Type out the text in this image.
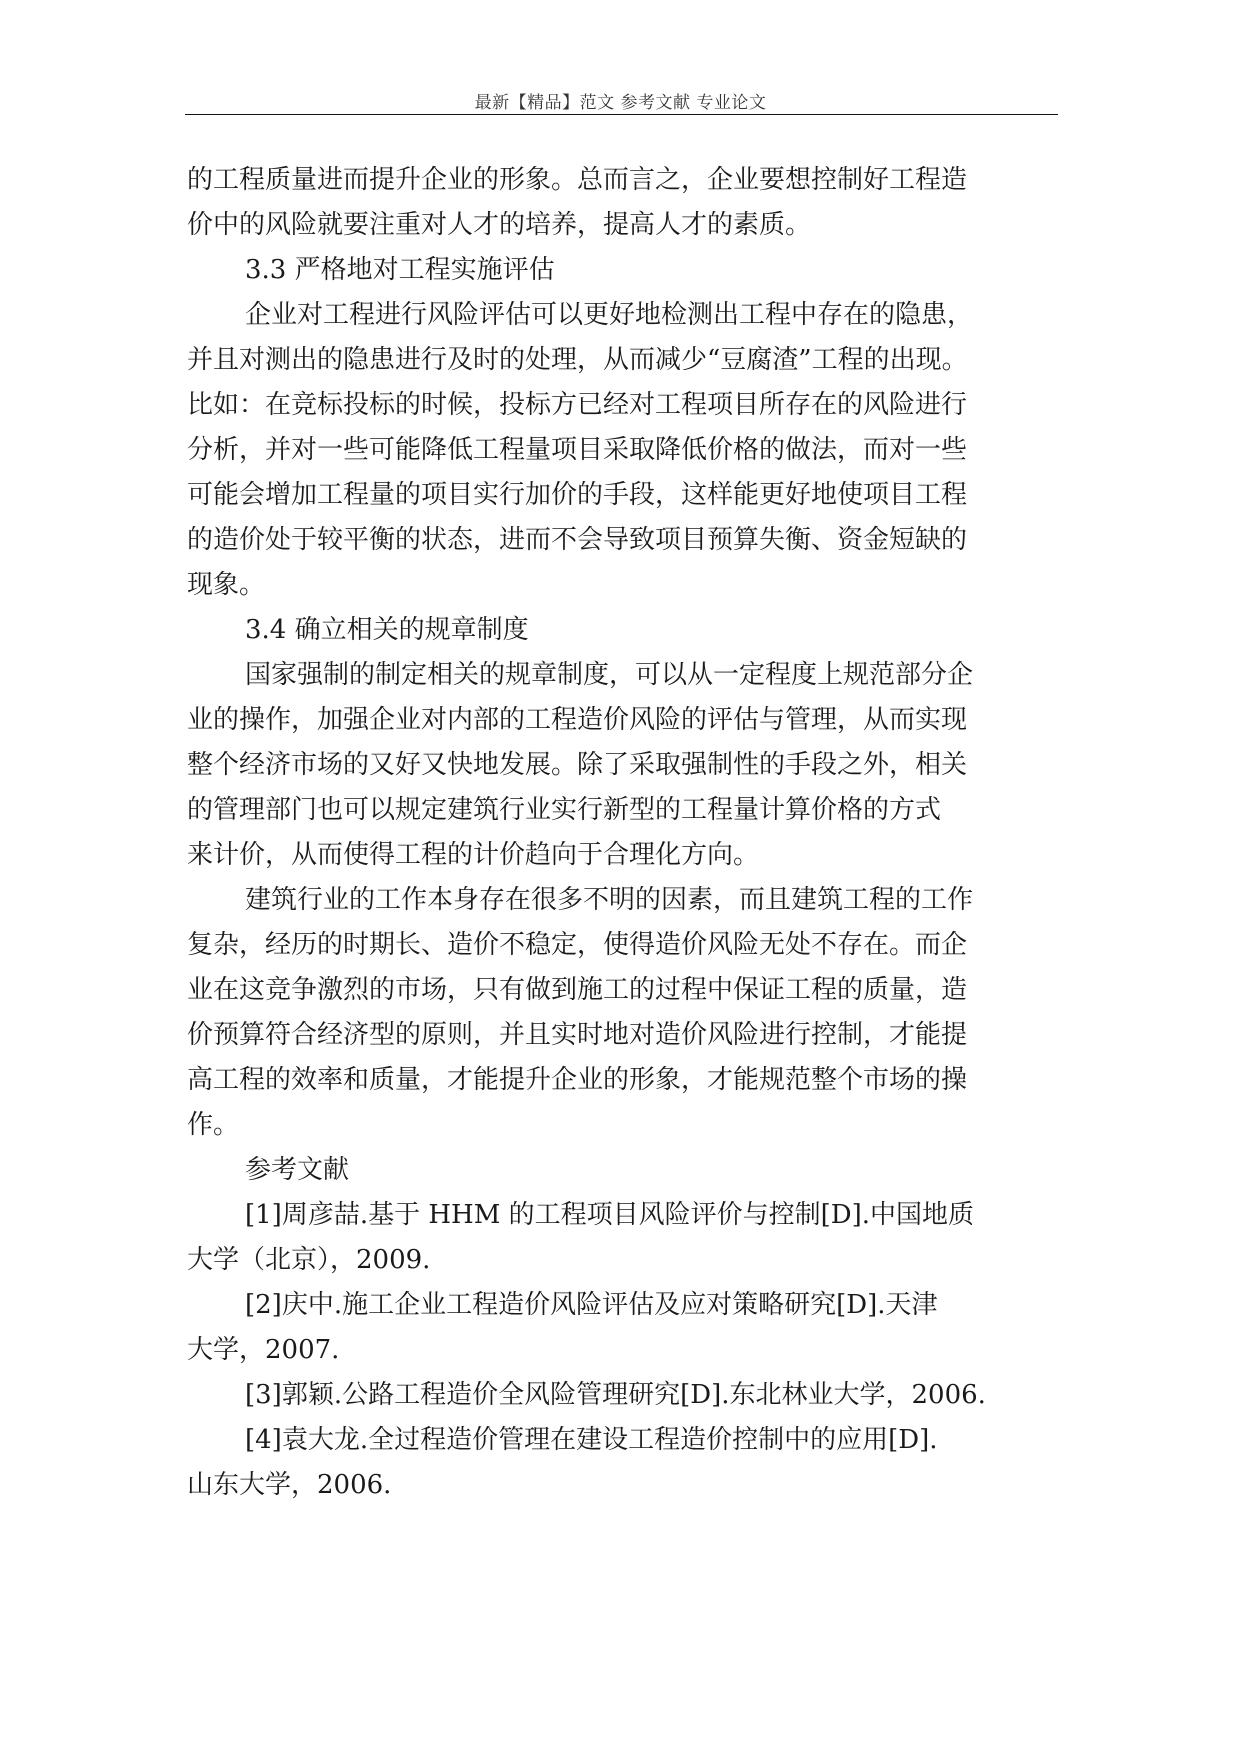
最新【精品】范文 参考文献 专业论文
的工程质量进而提升企业的形象。总而言之，企业要想控制好工程造
价中的风险就要注重对人才的培养，提高人才的素质。
3.3 严格地对工程实施评估
企业对工程进行风险评估可以更好地检测出工程中存在的隐患，
并且对测出的隐患进行及时的处理，从而减少“豆腐渣”工程的出现。
比如：在竞标投标的时候，投标方已经对工程项目所存在的风险进行
分析，并对一些可能降低工程量项目采取降低价格的做法，而对一些
可能会增加工程量的项目实行加价的手段，这样能更好地使项目工程
的造价处于较平衡的状态，进而不会导致项目预算失衡、资金短缺的
现象。
3.4 确立相关的规章制度
国家强制的制定相关的规章制度，可以从一定程度上规范部分企
业的操作，加强企业对内部的工程造价风险的评估与管理，从而实现
整个经济市场的又好又快地发展。除了采取强制性的手段之外，相关
的管理部门也可以规定建筑行业实行新型的工程量计算价格的方式
来计价，从而使得工程的计价趋向于合理化方向。
建筑行业的工作本身存在很多不明的因素，而且建筑工程的工作
复杂，经历的时期长、造价不稳定，使得造价风险无处不存在。而企
业在这竞争激烈的市场，只有做到施工的过程中保证工程的质量，造
价预算符合经济型的原则，并且实时地对造价风险进行控制，才能提
高工程的效率和质量，才能提升企业的形象，才能规范整个市场的操
作。
参考文献
[1]周彦喆.基于 HHM 的工程项目风险评价与控制[D].中国地质
大学（北京），2009.
[2]庆中.施工企业工程造价风险评估及应对策略研究[D].天津
大学，2007.
[3]郭颖.公路工程造价全风险管理研究[D].东北林业大学，2006.
[4]袁大龙.全过程造价管理在建设工程造价控制中的应用[D].
山东大学，2006.
